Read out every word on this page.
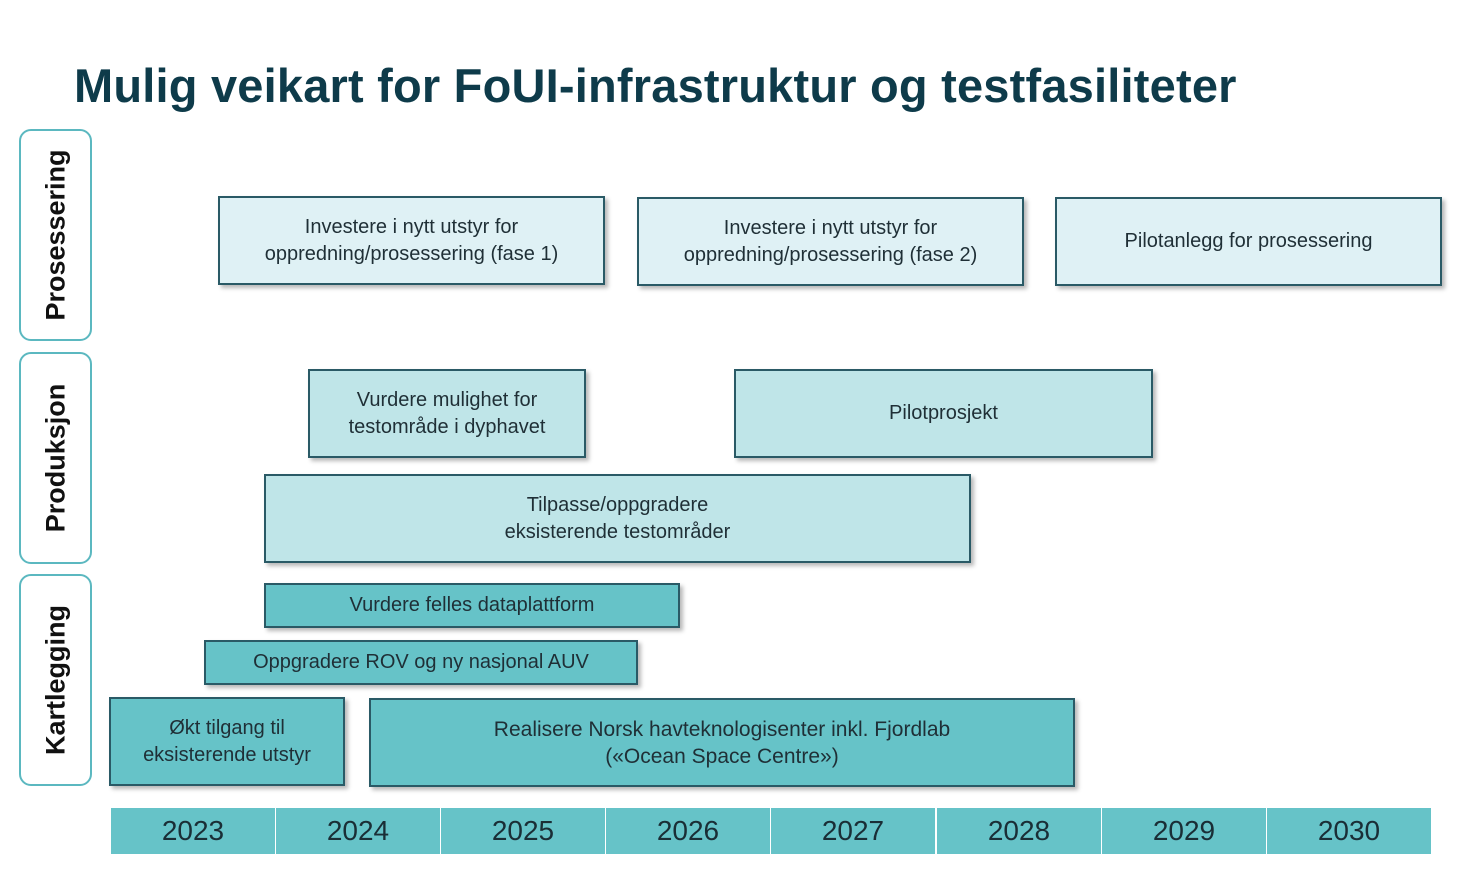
Mulig veikart for FoUI-infrastruktur og testfasiliteter
Prosessering
Produksjon
Kartlegging
Investere i nytt utstyr for
oppredning/prosessering (fase 1)
Investere i nytt utstyr for
oppredning/prosessering (fase 2)
Pilotanlegg for prosessering
Vurdere mulighet for
testområde i dyphavet
Pilotprosjekt
Tilpasse/oppgradere
eksisterende testområder
Vurdere felles dataplattform
Oppgradere ROV og ny nasjonal AUV
Økt tilgang til
eksisterende utstyr
Realisere Norsk havteknologisenter inkl. Fjordlab
(«Ocean Space Centre»)
2023	2024	2025	2026	2027	2028	2029	2030
